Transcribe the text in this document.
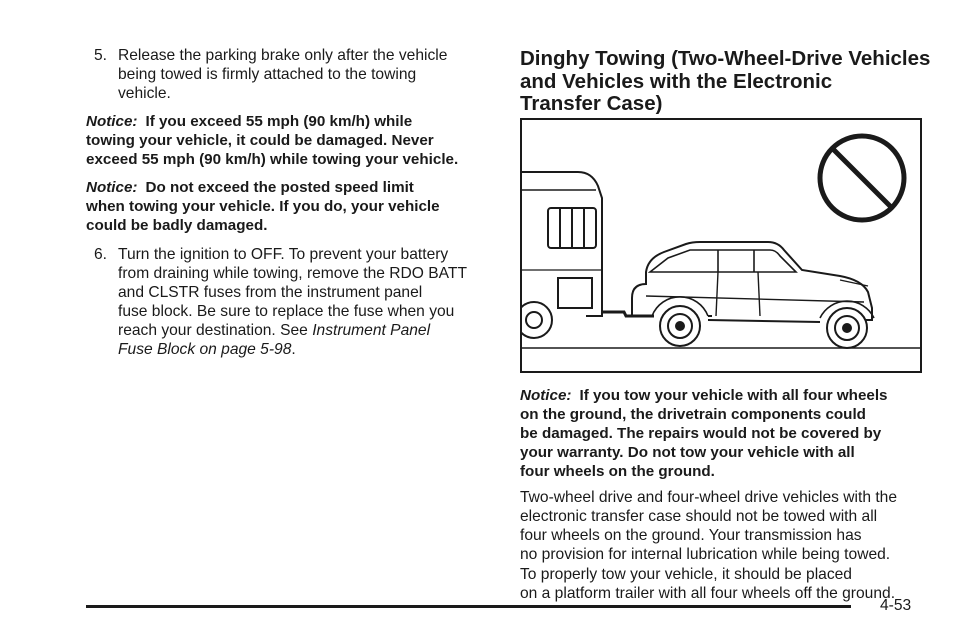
5. Release the parking brake only after the vehicle
being towed is firmly attached to the towing
vehicle.
Notice: If you exceed 55 mph (90 km/h) while
towing your vehicle, it could be damaged. Never
exceed 55 mph (90 km/h) while towing your vehicle.
Notice: Do not exceed the posted speed limit
when towing your vehicle. If you do, your vehicle
could be badly damaged.
6. Turn the ignition to OFF. To prevent your battery
from draining while towing, remove the RDO BATT
and CLSTR fuses from the instrument panel
fuse block. Be sure to replace the fuse when you
reach your destination. See Instrument Panel
Fuse Block on page 5-98.
Dinghy Towing (Two-Wheel-Drive Vehicles
and Vehicles with the Electronic
Transfer Case)
Notice: If you tow your vehicle with all four wheels
on the ground, the drivetrain components could
be damaged. The repairs would not be covered by
your warranty. Do not tow your vehicle with all
four wheels on the ground.
Two-wheel drive and four-wheel drive vehicles with the
electronic transfer case should not be towed with all
four wheels on the ground. Your transmission has
no provision for internal lubrication while being towed.
To properly tow your vehicle, it should be placed
on a platform trailer with all four wheels off the ground.
4-53
